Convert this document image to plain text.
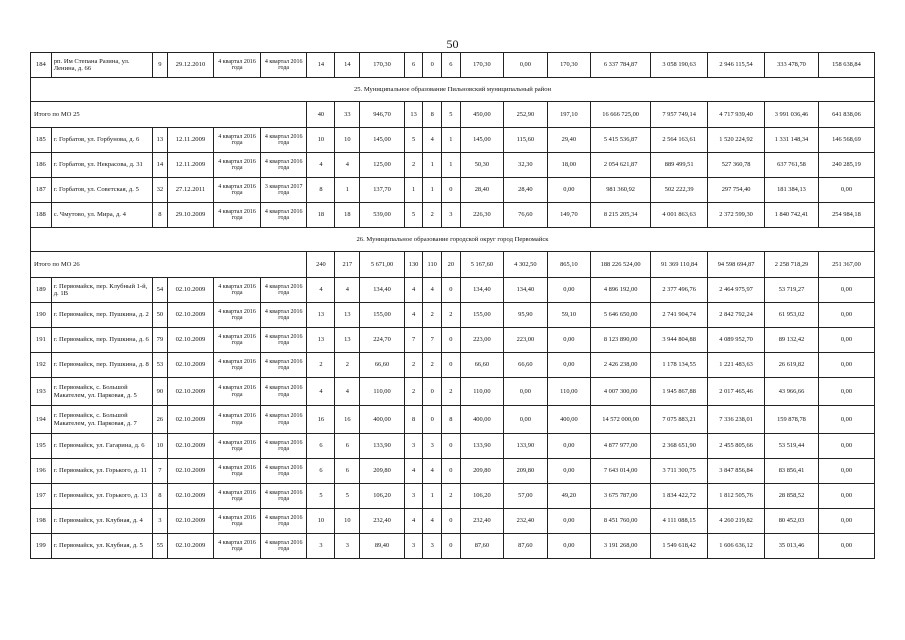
50
184	рп. Им Степана Разина, ул. Ленина, д. 66	9	29.12.2010	4 квартал 2016 года	4 квартал 2016 года	14	14	170,30	6	0	6	170,30	0,00	170,30	6 337 784,87	3 058 190,63	2 946 115,54	333 478,70	158 638,84
25. Муниципальное образование Пильновский муниципальный район																			
Итого по МО 25						40	33	946,70	13	8	5	450,00	252,90	197,10	16 666 725,00	7 957 749,14	4 717 939,40	3 991 036,46	641 838,06
185	г. Горбатов, ул. Горбунова, д. 6	13	12.11.2009	4 квартал 2016 года	4 квартал 2016 года	10	10	145,00	5	4	1	145,00	115,60	29,40	5 415 536,87	2 564 163,61	1 520 224,92	1 331 148,34	146 568,69
186	г. Горбатов, ул. Некрасова, д. 31	14	12.11.2009	4 квартал 2016 года	4 квартал 2016 года	4	4	125,00	2	1	1	50,30	32,30	18,00	2 054 621,87	889 499,51	527 360,78	637 761,58	240 285,19
187	г. Горбатов, ул. Советская, д. 5	32	27.12.2011	4 квартал 2016 года	3 квартал 2017 года	8	1	137,70	1	1	0	28,40	28,40	0,00	981 360,92	502 222,39	297 754,40	181 384,13	0,00
188	с. Чмутово, ул. Мира, д. 4	8	29.10.2009	4 квартал 2016 года	4 квартал 2016 года	18	18	539,00	5	2	3	226,30	76,60	149,70	8 215 205,34	4 001 863,63	2 372 599,30	1 840 742,41	254 984,18
26. Муниципальное образование городской округ город Первомайск																			
Итого по МО 26						240	217	5 671,00	130	110	20	5 167,60	4 302,50	865,10	188 226 524,00	91 369 110,84	94 598 694,87	2 258 718,29	251 367,00
189	г. Первомайск, пер. Клубный 1-й, д. 1В	54	02.10.2009	4 квартал 2016 года	4 квартал 2016 года	4	4	134,40	4	4	0	134,40	134,40	0,00	4 896 192,00	2 377 496,76	2 464 975,97	53 719,27	0,00
190	г. Первомайск, пер. Пушкина, д. 2	50	02.10.2009	4 квартал 2016 года	4 квартал 2016 года	13	13	155,00	4	2	2	155,00	95,90	59,10	5 646 650,00	2 741 904,74	2 842 792,24	61 953,02	0,00
191	г. Первомайск, пер. Пушкина, д. 6	79	02.10.2009	4 квартал 2016 года	4 квартал 2016 года	13	13	224,70	7	7	0	223,00	223,00	0,00	8 123 890,00	3 944 804,88	4 089 952,70	89 132,42	0,00
192	г. Первомайск, пер. Пушкина, д. 8	53	02.10.2009	4 квартал 2016 года	4 квартал 2016 года	2	2	66,60	2	2	0	66,60	66,60	0,00	2 426 238,00	1 178 134,55	1 221 483,63	26 619,82	0,00
193	г. Первомайск, с. Большой Макателем, ул. Парковая, д. 5	90	02.10.2009	4 квартал 2016 года	4 квартал 2016 года	4	4	110,00	2	0	2	110,00	0,00	110,00	4 007 300,00	1 945 867,88	2 017 465,46	43 966,66	0,00
194	г. Первомайск, с. Большой Макателем, ул. Парковая, д. 7	26	02.10.2009	4 квартал 2016 года	4 квартал 2016 года	16	16	400,00	8	0	8	400,00	0,00	400,00	14 572 000,00	7 075 883,21	7 336 238,01	159 878,78	0,00
195	г. Первомайск, ул. Гагарина, д. 6	10	02.10.2009	4 квартал 2016 года	4 квартал 2016 года	6	6	133,90	3	3	0	133,90	133,90	0,00	4 877 977,00	2 368 651,90	2 455 805,66	53 519,44	0,00
196	г. Первомайск, ул. Горького, д. 11	7	02.10.2009	4 квартал 2016 года	4 квартал 2016 года	6	6	209,80	4	4	0	209,80	209,80	0,00	7 643 014,00	3 711 300,75	3 847 856,84	83 856,41	0,00
197	г. Первомайск, ул. Горького, д. 13	8	02.10.2009	4 квартал 2016 года	4 квартал 2016 года	5	5	106,20	3	1	2	106,20	57,00	49,20	3 675 787,00	1 834 422,72	1 812 505,76	28 858,52	0,00
198	г. Первомайск, ул. Клубная, д. 4	3	02.10.2009	4 квартал 2016 года	4 квартал 2016 года	10	10	232,40	4	4	0	232,40	232,40	0,00	8 451 760,00	4 111 088,15	4 260 219,82	80 452,03	0,00
199	г. Первомайск, ул. Клубная, д. 5	55	02.10.2009	4 квартал 2016 года	4 квартал 2016 года	3	3	89,40	3	3	0	87,60	87,60	0,00	3 191 268,00	1 549 618,42	1 606 636,12	35 013,46	0,00
